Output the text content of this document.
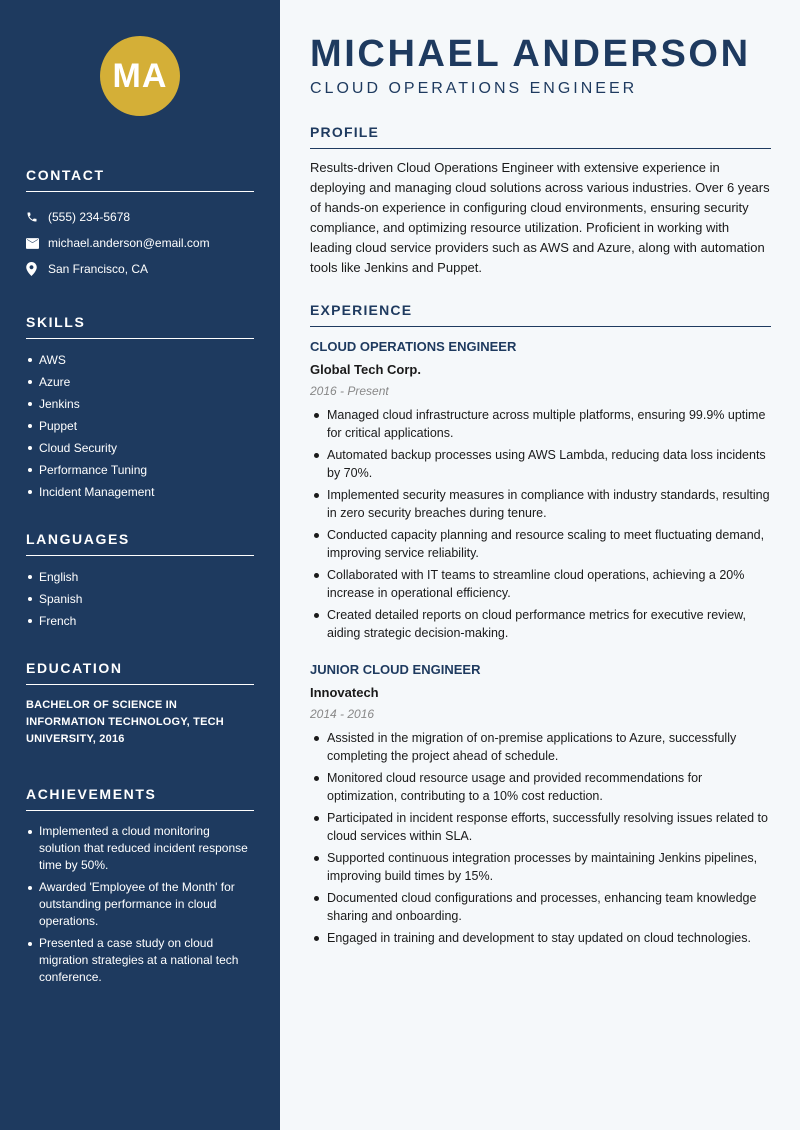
MA
CONTACT
(555) 234-5678
michael.anderson@email.com
San Francisco, CA
SKILLS
AWS
Azure
Jenkins
Puppet
Cloud Security
Performance Tuning
Incident Management
LANGUAGES
English
Spanish
French
EDUCATION

BACHELOR OF SCIENCE IN INFORMATION TECHNOLOGY, TECH UNIVERSITY, 2016

ACHIEVEMENTS
Implemented a cloud monitoring solution that reduced incident response time by 50%.
Awarded 'Employee of the Month' for outstanding performance in cloud operations.
Presented a case study on cloud migration strategies at a national tech conference.
MICHAEL ANDERSON
CLOUD OPERATIONS ENGINEER
PROFILE

Results-driven Cloud Operations Engineer with extensive experience in deploying and managing cloud solutions across various industries. Over 6 years of hands-on experience in configuring cloud environments, ensuring security compliance, and optimizing resource utilization. Proficient in working with leading cloud service providers such as AWS and Azure, along with automation tools like Jenkins and Puppet.

EXPERIENCE
CLOUD OPERATIONS ENGINEER
Global Tech Corp.
2016 - Present
Managed cloud infrastructure across multiple platforms, ensuring 99.9% uptime for critical applications.
Automated backup processes using AWS Lambda, reducing data loss incidents by 70%.
Implemented security measures in compliance with industry standards, resulting in zero security breaches during tenure.
Conducted capacity planning and resource scaling to meet fluctuating demand, improving service reliability.
Collaborated with IT teams to streamline cloud operations, achieving a 20% increase in operational efficiency.
Created detailed reports on cloud performance metrics for executive review, aiding strategic decision-making.
JUNIOR CLOUD ENGINEER
Innovatech
2014 - 2016
Assisted in the migration of on-premise applications to Azure, successfully completing the project ahead of schedule.
Monitored cloud resource usage and provided recommendations for optimization, contributing to a 10% cost reduction.
Participated in incident response efforts, successfully resolving issues related to cloud services within SLA.
Supported continuous integration processes by maintaining Jenkins pipelines, improving build times by 15%.
Documented cloud configurations and processes, enhancing team knowledge sharing and onboarding.
Engaged in training and development to stay updated on cloud technologies.
